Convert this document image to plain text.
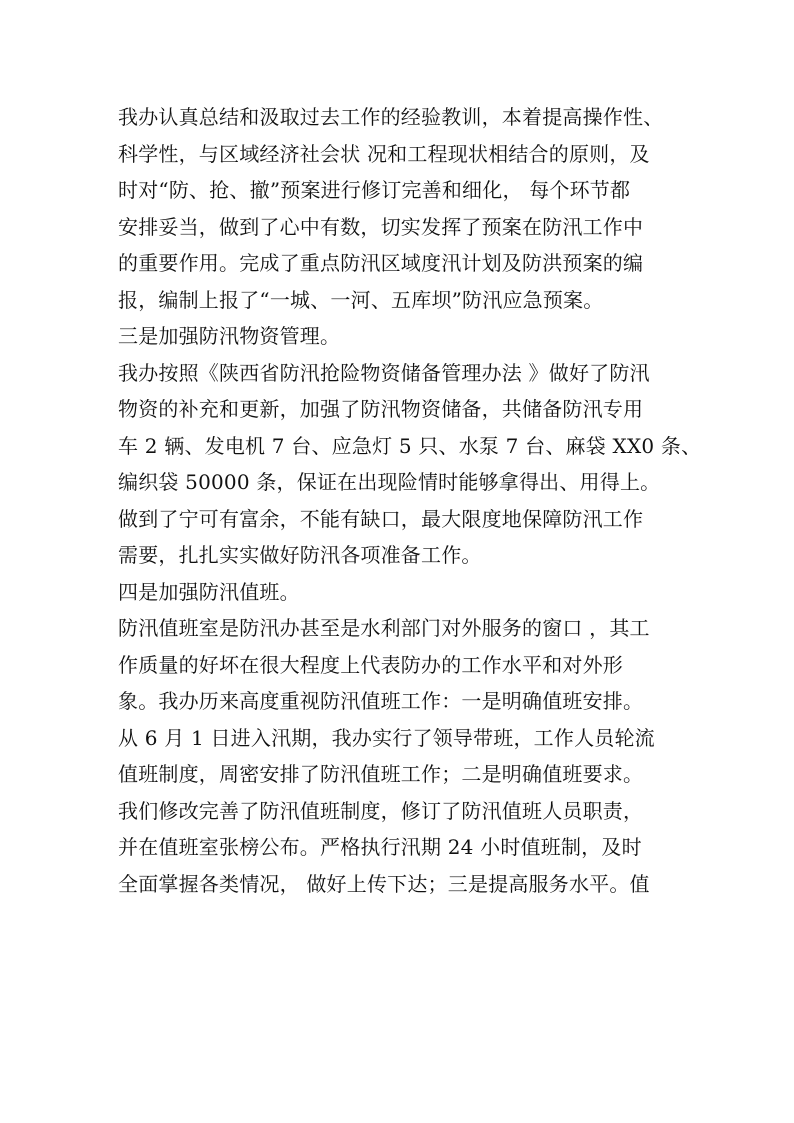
我办认真总结和汲取过去工作的经验教训，本着提高操作性、
科学性，与区域经济社会状 况和工程现状相结合的原则，及
时对“防、抢、撤”预案进行修订完善和细化， 每个环节都
安排妥当，做到了心中有数，切实发挥了预案在防汛工作中
的重要作用。完成了重点防汛区域度汛计划及防洪预案的编
报，编制上报了“一城、一河、五库坝”防汛应急预案。
三是加强防汛物资管理。
我办按照《陕西省防汛抢险物资储备管理办法 》做好了防汛
物资的补充和更新，加强了防汛物资储备，共储备防汛专用
车 2 辆、发电机 7 台、应急灯 5 只、水泵 7 台、麻袋 XX0 条、
编织袋 50000 条，保证在出现险情时能够拿得出、用得上。
做到了宁可有富余，不能有缺口，最大限度地保障防汛工作
需要，扎扎实实做好防汛各项准备工作。
四是加强防汛值班。
防汛值班室是防汛办甚至是水利部门对外服务的窗口 ，其工
作质量的好坏在很大程度上代表防办的工作水平和对外形
象。我办历来高度重视防汛值班工作：一是明确值班安排。
从 6 月 1 日进入汛期，我办实行了领导带班，工作人员轮流
值班制度，周密安排了防汛值班工作；二是明确值班要求。
我们修改完善了防汛值班制度，修订了防汛值班人员职责，
并在值班室张榜公布。严格执行汛期 24 小时值班制，及时
全面掌握各类情况， 做好上传下达；三是提高服务水平。值
